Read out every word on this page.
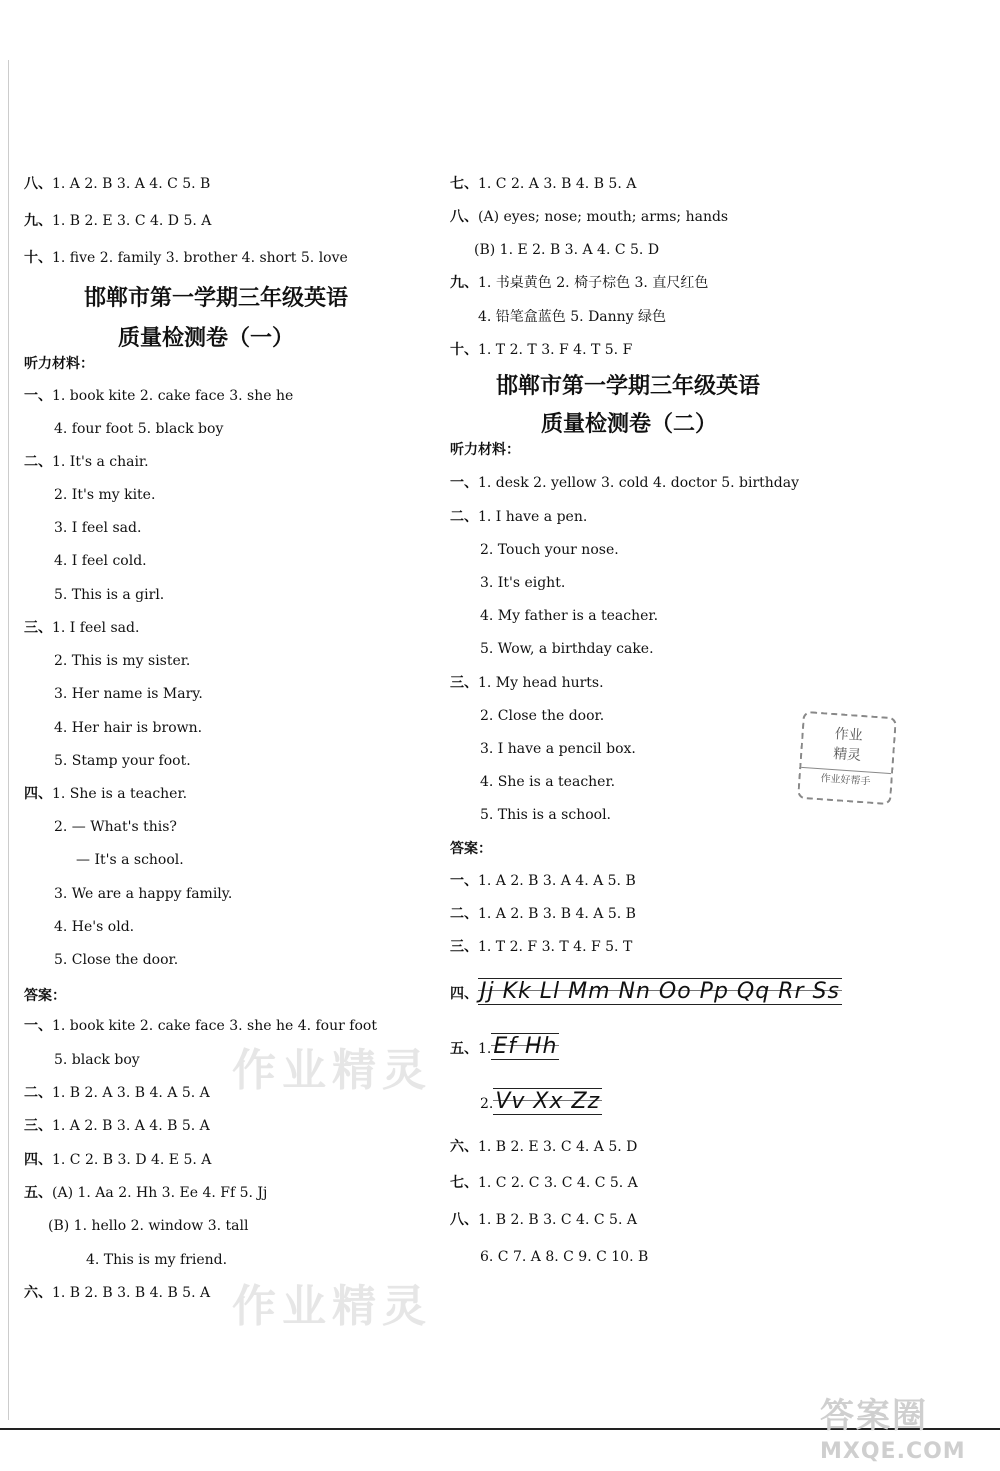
作业精灵
作业精灵
八、1. A 2. B 3. A 4. C 5. B
九、1. B 2. E 3. C 4. D 5. A
十、1. five 2. family 3. brother 4. short 5. love
邯郸市第一学期三年级英语
质量检测卷（一）
听力材料：
一、1. book kite 2. cake face 3. she he
4. four foot 5. black boy
二、1. It's a chair.
2. It's my kite.
3. I feel sad.
4. I feel cold.
5. This is a girl.
三、1. I feel sad.
2. This is my sister.
3. Her name is Mary.
4. Her hair is brown.
5. Stamp your foot.
四、1. She is a teacher.
2. — What's this?
— It's a school.
3. We are a happy family.
4. He's old.
5. Close the door.
答案：
一、1. book kite 2. cake face 3. she he 4. four foot
5. black boy
二、1. B 2. A 3. B 4. A 5. A
三、1. A 2. B 3. A 4. B 5. A
四、1. C 2. B 3. D 4. E 5. A
五、(A) 1. Aa 2. Hh 3. Ee 4. Ff 5. Jj
(B) 1. hello 2. window 3. tall
4. This is my friend.
六、1. B 2. B 3. B 4. B 5. A
七、1. C 2. A 3. B 4. B 5. A
八、(A) eyes; nose; mouth; arms; hands
(B) 1. E 2. B 3. A 4. C 5. D
九、1. 书桌黄色 2. 椅子棕色 3. 直尺红色
4. 铅笔盒蓝色 5. Danny 绿色
十、1. T 2. T 3. F 4. T 5. F
邯郸市第一学期三年级英语
质量检测卷（二）
听力材料：
一、1. desk 2. yellow 3. cold 4. doctor 5. birthday
二、1. I have a pen.
2. Touch your nose.
3. It's eight.
4. My father is a teacher.
5. Wow, a birthday cake.
三、1. My head hurts.
2. Close the door.
3. I have a pencil box.
4. She is a teacher.
5. This is a school.
答案：
一、1. A 2. B 3. A 4. A 5. B
二、1. A 2. B 3. B 4. A 5. B
三、1. T 2. F 3. T 4. F 5. T
四、Jj Kk Ll Mm Nn Oo Pp Qq Rr Ss
五、1.Ef Hh
2.Vv Xx Zz
六、1. B 2. E 3. C 4. A 5. D
七、1. C 2. C 3. C 4. C 5. A
八、1. B 2. B 3. C 4. C 5. A
6. C 7. A 8. C 9. C 10. B
作业
精灵
作业好帮手
答案圈
MXQE.COM
